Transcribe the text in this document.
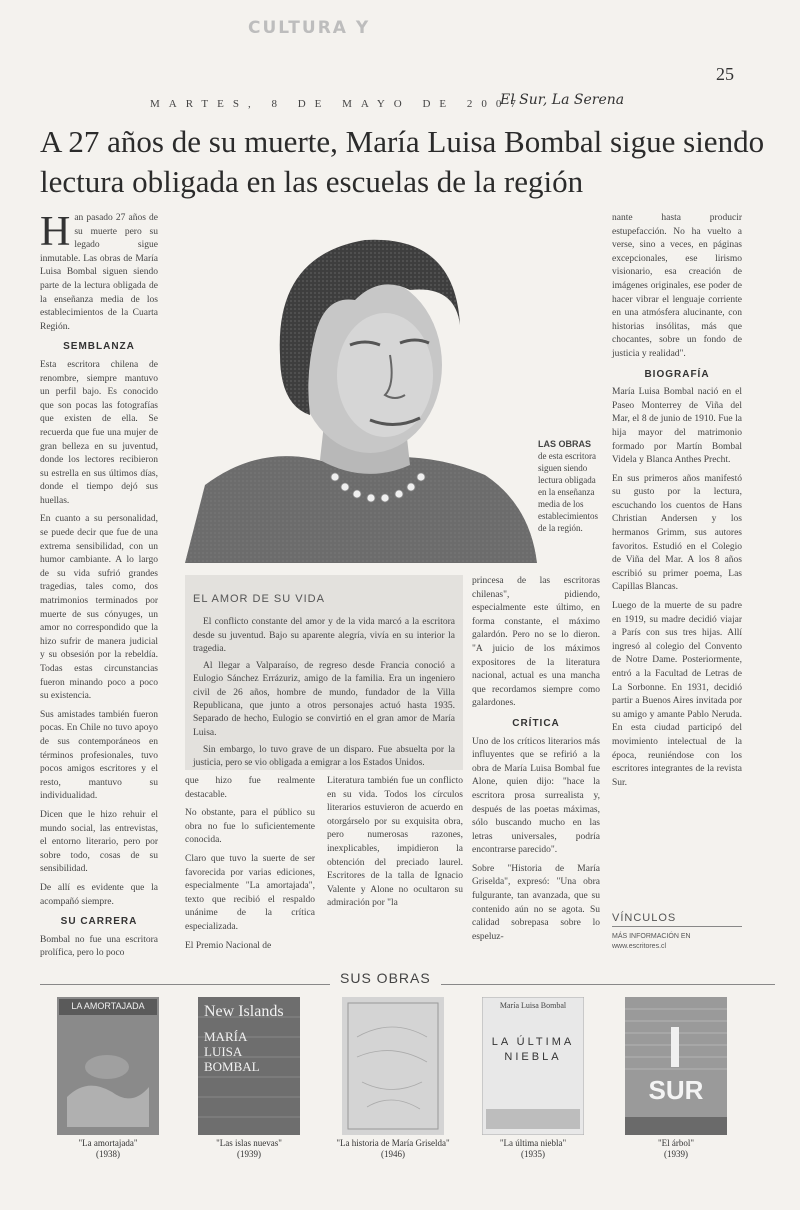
CULTURA Y
25
MARTES, 8 DE MAYO DE 2007
El Sur, La Serena
A 27 años de su muerte, María Luisa Bombal sigue siendo lectura obligada en las escuelas de la región

Han pasado 27 años de su muerte pero su legado sigue inmutable. Las obras de María Luisa Bombal siguen siendo parte de la lectura obligada de la enseñanza media de los establecimientos de la Cuarta Región.

SEMBLANZA

Esta escritora chilena de renombre, siempre mantuvo un perfil bajo. Es conocido que son pocas las fotografías que existen de ella. Se recuerda que fue una mujer de gran belleza en su juventud, donde los lectores recibieron su estrella en sus últimos días, donde el tiempo dejó sus huellas.

En cuanto a su personalidad, se puede decir que fue de una extrema sensibilidad, con un humor cambiante. A lo largo de su vida sufrió grandes tragedias, tales como, dos matrimonios terminados por muerte de sus cónyuges, un amor no correspondido que la hizo sufrir de manera judicial y su obsesión por la rebeldía. Todas estas circunstancias fueron minando poco a poco su existencia.

Sus amistades también fueron pocas. En Chile no tuvo apoyo de sus contemporáneos en términos profesionales, tuvo pocos amigos escritores y el resto, mantuvo su individualidad.

Dicen que le hizo rehuir el mundo social, las entrevistas, el entorno literario, pero por sobre todo, cosas de su sensibilidad.

De allí es evidente que la acompañó siempre.

SU CARRERA

Bombal no fue una escritora prolífica, pero lo poco

LAS OBRAS de esta escritora siguen siendo lectura obligada en la enseñanza media de los establecimientos de la región.
EL AMOR DE SU VIDA

El conflicto constante del amor y de la vida marcó a la escritora desde su juventud. Bajo su aparente alegría, vivía en su interior la tragedia.

Al llegar a Valparaíso, de regreso desde Francia conoció a Eulogio Sánchez Errázuriz, amigo de la familia. Era un ingeniero civil de 26 años, hombre de mundo, fundador de la Villa Republicana, que junto a otros personajes actuó hasta 1935. Separado de hecho, Eulogio se convirtió en el gran amor de María Luisa.

Sin embargo, lo tuvo grave de un disparo. Fue absuelta por la justicia, pero se vio obligada a emigrar a los Estados Unidos.

que hizo fue realmente destacable.

No obstante, para el público su obra no fue lo suficientemente conocida.

Claro que tuvo la suerte de ser favorecida por varias ediciones, especialmente "La amortajada", texto que recibió el respaldo unánime de la crítica especializada.

El Premio Nacional de

Literatura también fue un conflicto en su vida. Todos los círculos literarios estuvieron de acuerdo en otorgárselo por su exquisita obra, pero numerosas razones, inexplicables, impidieron la obtención del preciado laurel. Escritores de la talla de Ignacio Valente y Alone no ocultaron su admiración por "la

princesa de las escritoras chilenas", pidiendo, especialmente este último, en forma constante, el máximo galardón. Pero no se lo dieron. "A juicio de los máximos expositores de la literatura nacional, actual es una mancha que recordamos siempre como galardones.

CRÍTICA

Uno de los críticos literarios más influyentes que se refirió a la obra de María Luisa Bombal fue Alone, quien dijo: "hace la escritora prosa surrealista y, después de las poetas máximas, sólo buscando mucho en las letras universales, podría encontrarse parecido".

Sobre "Historia de María Griselda", expresó: "Una obra fulgurante, tan avanzada, que su contenido aún no se agota. Su calidad sobrepasa sobre lo espeluz-

nante hasta producir estupefacción. No ha vuelto a verse, sino a veces, en páginas excepcionales, ese lirismo visionario, esa creación de imágenes originales, ese poder de hacer vibrar el lenguaje corriente en una atmósfera alucinante, con historias insólitas, más que chocantes, sobre un fondo de justicia y realidad".

BIOGRAFÍA

María Luisa Bombal nació en el Paseo Monterrey de Viña del Mar, el 8 de junio de 1910. Fue la hija mayor del matrimonio formado por Martín Bombal Videla y Blanca Anthes Precht.

En sus primeros años manifestó su gusto por la lectura, escuchando los cuentos de Hans Christian Andersen y los hermanos Grimm, sus autores favoritos. Estudió en el Colegio de Viña del Mar. A los 8 años escribió su primer poema, Las Capillas Blancas.

Luego de la muerte de su padre en 1919, su madre decidió viajar a París con sus tres hijas. Allí ingresó al colegio del Convento de Notre Dame. Posteriormente, entró a la Facultad de Letras de La Sorbonne. En 1931, decidió partir a Buenos Aires invitada por su amigo y amante Pablo Neruda. En esta ciudad participó del movimiento intelectual de la época, reuniéndose con los escritores integrantes de la revista Sur.

VÍNCULOS
MÁS INFORMACIÓN EN
www.escritores.cl
SUS OBRAS
LA AMORTAJADA
"La amortajada"
(1938)
New Islands
MARÍA LUISA BOMBAL
"Las islas nuevas"
(1939)
"La historia de María Griselda"
(1946)
María Luisa Bombal
LA ÚLTIMA NIEBLA
"La última niebla"
(1935)
SUR
"El árbol"
(1939)
